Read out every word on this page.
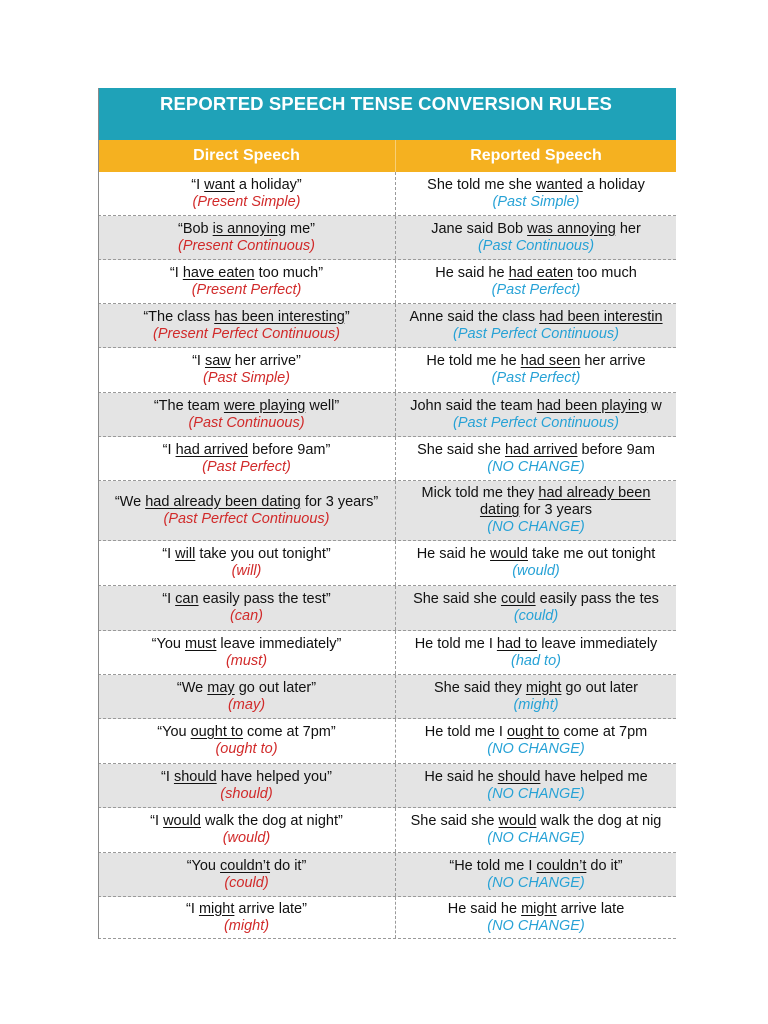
REPORTED SPEECH TENSE CONVERSION RULES
Direct Speech	Reported Speech
“I want a holiday”
(Present Simple)
She told me she wanted a holiday
(Past Simple)
“Bob is annoying me”
(Present Continuous)
Jane said Bob was annoying her
(Past Continuous)
“I have eaten too much”
(Present Perfect)
He said he had eaten too much
(Past Perfect)
“The class has been interesting”
(Present Perfect Continuous)
Anne said the class had been interestin
(Past Perfect Continuous)
“I saw her arrive”
(Past Simple)
He told me he had seen her arrive
(Past Perfect)
“The team were playing well”
(Past Continuous)
John said the team had been playing w
(Past Perfect Continuous)
“I had arrived before 9am”
(Past Perfect)
She said she had arrived before 9am
(NO CHANGE)
“We had already been dating for 3 years”
(Past Perfect Continuous)
Mick told me they had already been
dating for 3 years
(NO CHANGE)
“I will take you out tonight”
(will)
He said he would take me out tonight
(would)
“I can easily pass the test”
(can)
She said she could easily pass the tes
(could)
“You must leave immediately”
(must)
He told me I had to leave immediately
(had to)
“We may go out later”
(may)
She said they might go out later
(might)
“You ought to come at 7pm”
(ought to)
He told me I ought to come at 7pm
(NO CHANGE)
“I should have helped you”
(should)
He said he should have helped me
(NO CHANGE)
“I would walk the dog at night”
(would)
She said she would walk the dog at nig
(NO CHANGE)
“You couldn’t do it”
(could)
“He told me I couldn’t do it”
(NO CHANGE)
“I might arrive late”
(might)
He said he might arrive late
(NO CHANGE)
